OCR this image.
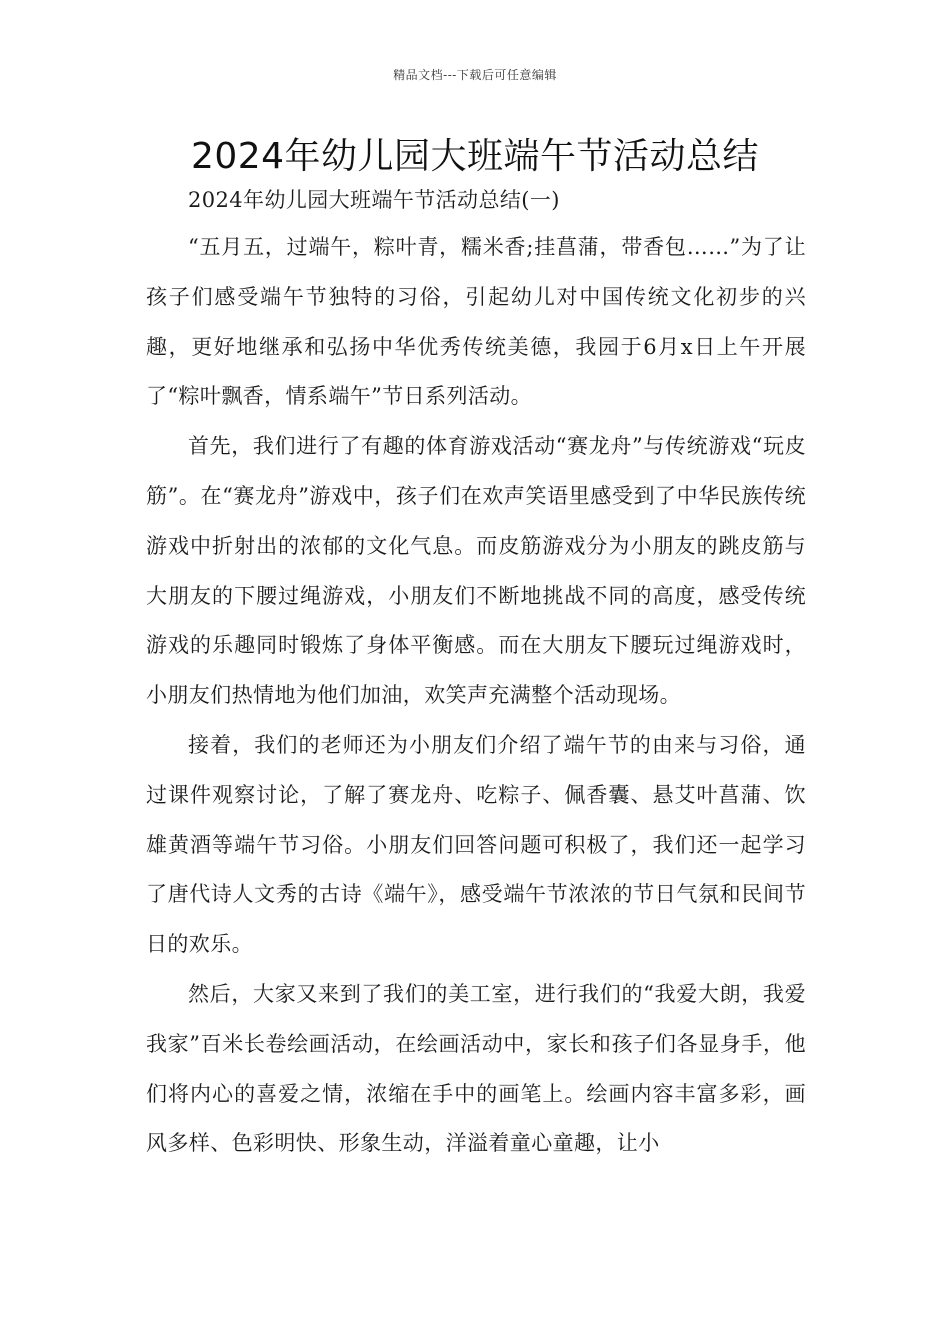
精品文档---下载后可任意编辑
2024年幼儿园大班端午节活动总结

2024年幼儿园大班端午节活动总结(一)

“五月五，过端午，粽叶青，糯米香;挂菖蒲，带香包……”为了让孩子们感受端午节独特的习俗，引起幼儿对中国传统文化初步的兴趣，更好地继承和弘扬中华优秀传统美德，我园于6月x日上午开展了“粽叶飘香，情系端午”节日系列活动。

首先，我们进行了有趣的体育游戏活动“赛龙舟”与传统游戏“玩皮筋”。在“赛龙舟”游戏中，孩子们在欢声笑语里感受到了中华民族传统游戏中折射出的浓郁的文化气息。而皮筋游戏分为小朋友的跳皮筋与大朋友的下腰过绳游戏，小朋友们不断地挑战不同的高度，感受传统游戏的乐趣同时锻炼了身体平衡感。而在大朋友下腰玩过绳游戏时，小朋友们热情地为他们加油，欢笑声充满整个活动现场。

接着，我们的老师还为小朋友们介绍了端午节的由来与习俗，通过课件观察讨论，了解了赛龙舟、吃粽子、佩香囊、悬艾叶菖蒲、饮雄黄酒等端午节习俗。小朋友们回答问题可积极了，我们还一起学习了唐代诗人文秀的古诗《端午》，感受端午节浓浓的节日气氛和民间节日的欢乐。

然后，大家又来到了我们的美工室，进行我们的“我爱大朗，我爱我家”百米长卷绘画活动，在绘画活动中，家长和孩子们各显身手，他们将内心的喜爱之情，浓缩在手中的画笔上。绘画内容丰富多彩，画风多样、色彩明快、形象生动，洋溢着童心童趣，让小
